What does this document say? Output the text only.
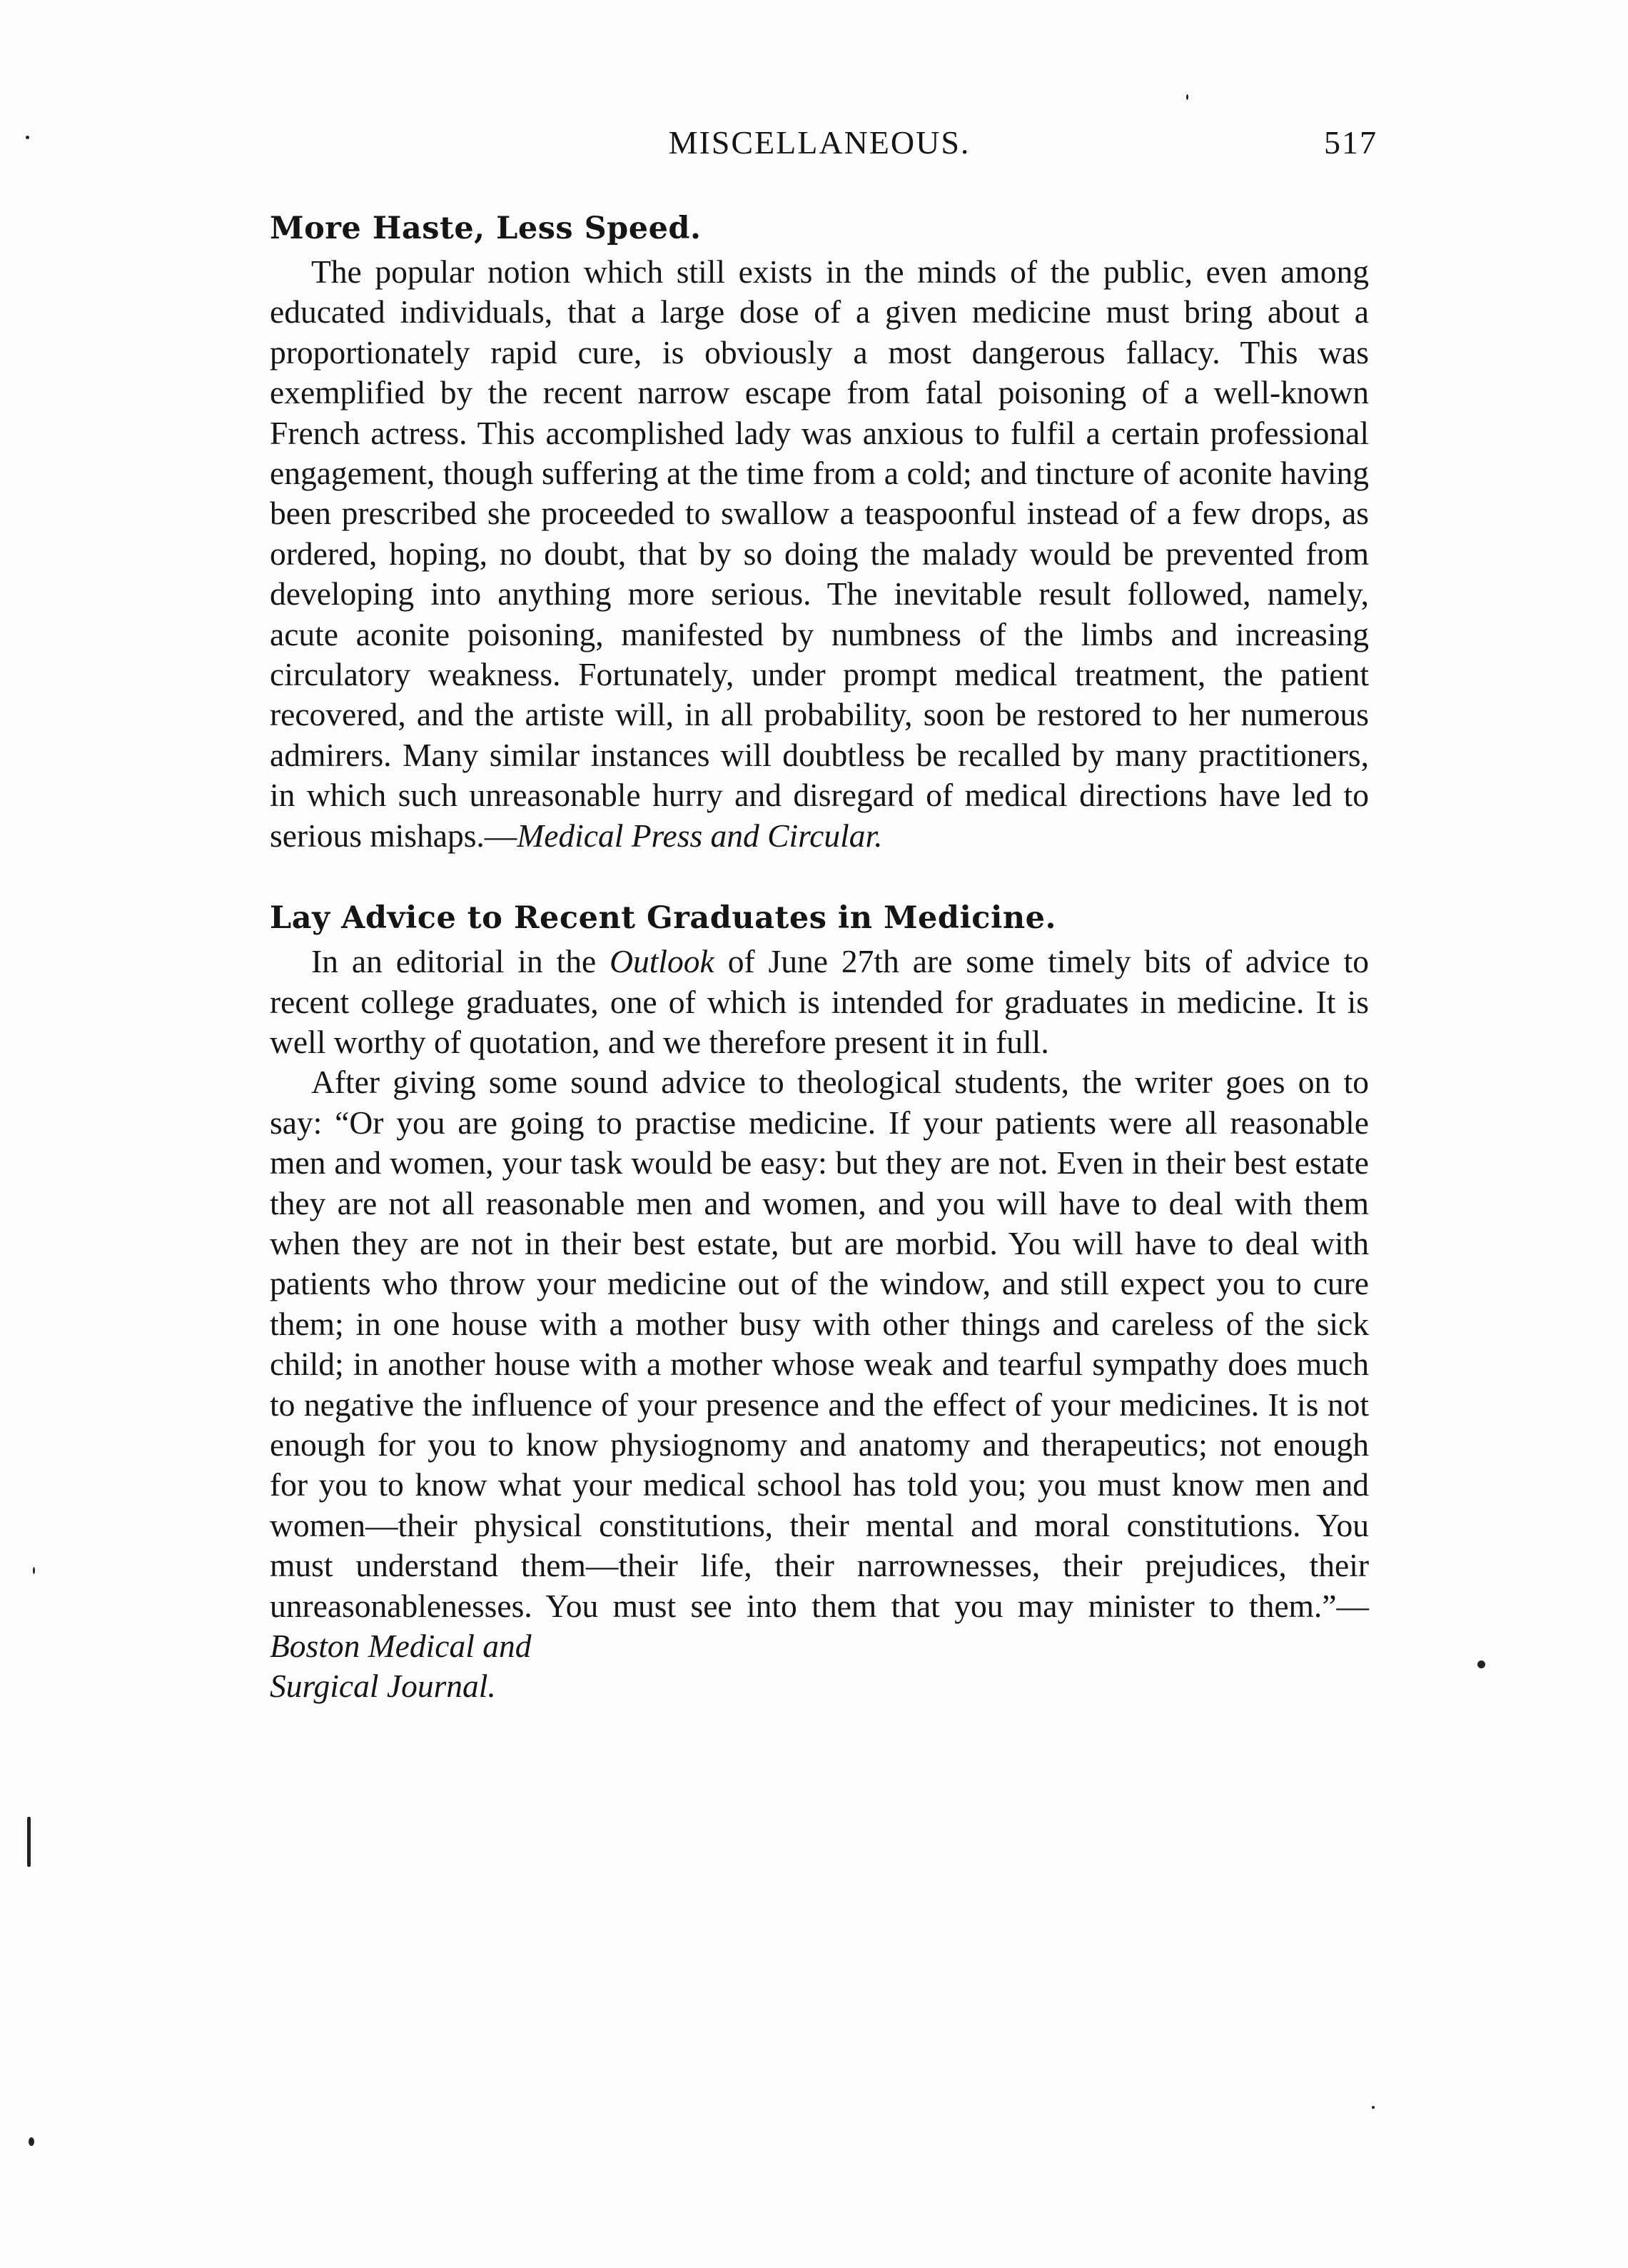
MISCELLANEOUS.	517
More Haste, Less Speed.

The popular notion which still exists in the minds of the public, even among educated individuals, that a large dose of a given medicine must bring about a proportionately rapid cure, is obviously a most dangerous fallacy. This was exemplified by the recent narrow escape from fatal poisoning of a well-known French actress. This accomplished lady was anxious to fulfil a certain professional engagement, though suffering at the time from a cold; and tincture of aconite having been prescribed she proceeded to swallow a teaspoonful instead of a few drops, as ordered, hoping, no doubt, that by so doing the malady would be prevented from developing into anything more serious. The inevitable result followed, namely, acute aconite poisoning, manifested by numbness of the limbs and increasing circulatory weakness. Fortunately, under prompt medical treatment, the patient recovered, and the artiste will, in all probability, soon be restored to her numerous admirers. Many similar instances will doubtless be recalled by many practitioners, in which such unreasonable hurry and disregard of medical directions have led to serious mishaps.—Medical Press and Circular.

Lay Advice to Recent Graduates in Medicine.

In an editorial in the Outlook of June 27th are some timely bits of advice to recent college graduates, one of which is intended for graduates in medicine. It is well worthy of quotation, and we therefore present it in full.

After giving some sound advice to theological students, the writer goes on to say: “Or you are going to practise medicine. If your patients were all reasonable men and women, your task would be easy: but they are not. Even in their best estate they are not all reasonable men and women, and you will have to deal with them when they are not in their best estate, but are morbid. You will have to deal with patients who throw your medicine out of the window, and still expect you to cure them; in one house with a mother busy with other things and careless of the sick child; in another house with a mother whose weak and tearful sympathy does much to negative the influence of your presence and the effect of your medicines. It is not enough for you to know physiognomy and anatomy and therapeutics; not enough for you to know what your medical school has told you; you must know men and women—their physical constitutions, their mental and moral constitutions. You must understand them—their life, their narrownesses, their prejudices, their unreasonablenesses. You must see into them that you may minister to them.”—Boston Medical and

Surgical Journal.
